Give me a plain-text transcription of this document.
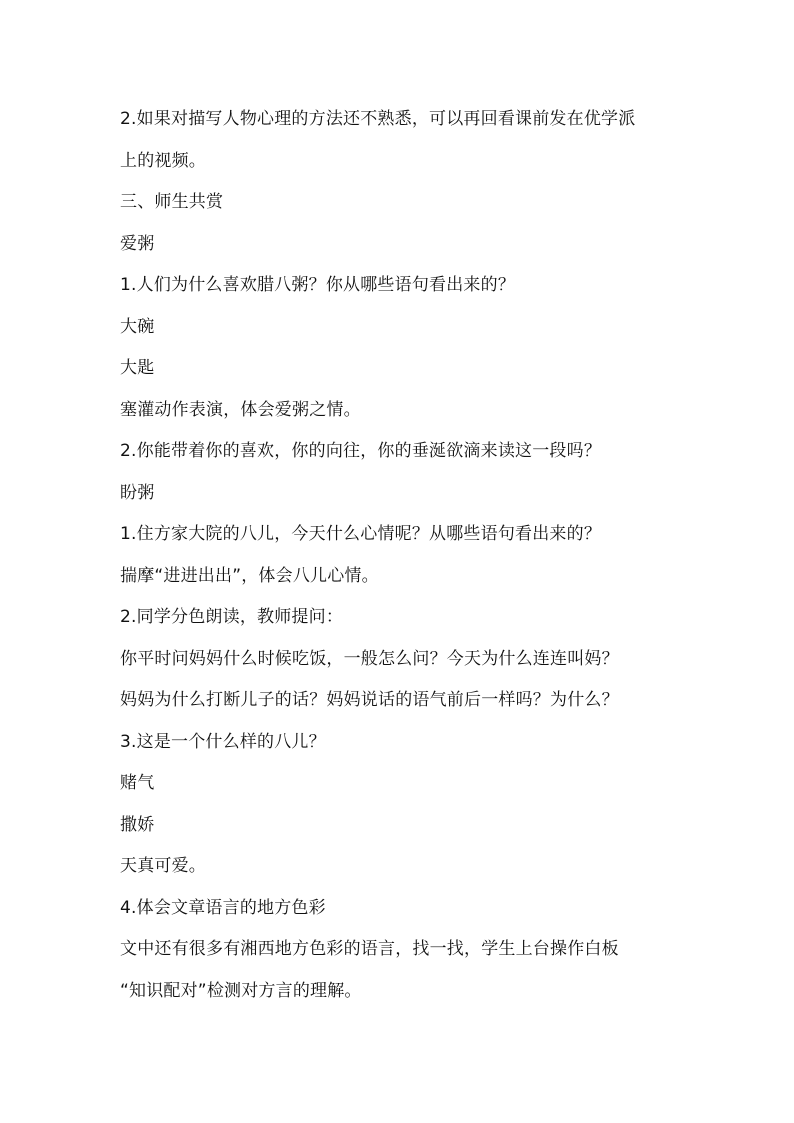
2.如果对描写人物心理的方法还不熟悉，可以再回看课前发在优学派
上的视频。
三、师生共赏
爱粥
1.人们为什么喜欢腊八粥？你从哪些语句看出来的？
大碗
大匙
塞灌动作表演，体会爱粥之情。
2.你能带着你的喜欢，你的向往，你的垂涎欲滴来读这一段吗？
盼粥
1.住方家大院的八儿，今天什么心情呢？从哪些语句看出来的？
揣摩“进进出出”，体会八儿心情。
2.同学分色朗读，教师提问：
你平时问妈妈什么时候吃饭，一般怎么问？今天为什么连连叫妈？
妈妈为什么打断儿子的话？妈妈说话的语气前后一样吗？为什么？
3.这是一个什么样的八儿？
赌气
撒娇
天真可爱。
4.体会文章语言的地方色彩
文中还有很多有湘西地方色彩的语言，找一找，学生上台操作白板
“知识配对”检测对方言的理解。
